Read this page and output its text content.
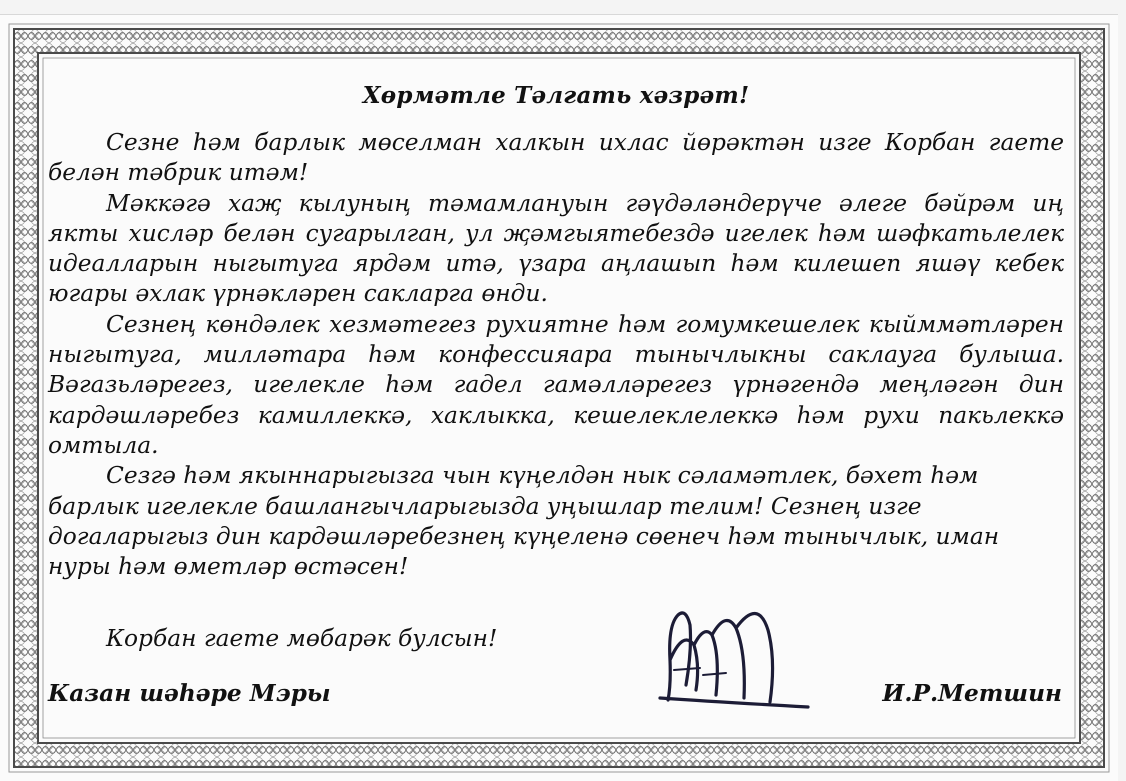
Хөрмәтле Тәлгать хәзрәт!

Сезне һәм барлык мөселман халкын ихлас йөрәктән изге Корбан гаете белән тәбрик итәм!

Мәккәгә хаҗ кылуның тәмамлануын гәүдәләндерүче әлеге бәйрәм иң якты хисләр белән сугарылган, ул җәмгыятебездә игелек һәм шәфкатьлелек идеалларын ныгытуга ярдәм итә, үзара аңлашып һәм килешеп яшәү кебек югары әхлак үрнәкләрен сакларга өнди.

Сезнең көндәлек хезмәтегез рухиятне һәм гомумкешелек кыйммәтләрен ныгытуга, милләтара һәм конфессияара тынычлыкны саклауга булыша. Вәгазьләрегез, игелекле һәм гадел гамәлләрегез үрнәгендә меңләгән дин кардәшләребез камиллеккә, хаклыкка, кешелеклелеккә һәм рухи пакьлеккә омтыла.

Сезгә һәм якыннарыгызга чын күңелдән нык сәламәтлек, бәхет һәм барлык игелекле башлангычларыгызда уңышлар телим! Сезнең изге догаларыгыз дин кардәшләребезнең күңеленә сөенеч һәм тынычлык, иман нуры һәм өметләр өстәсен!

Корбан гаете мөбарәк булсын!
Казан шәһәре Мэры	И.Р.Метшин
